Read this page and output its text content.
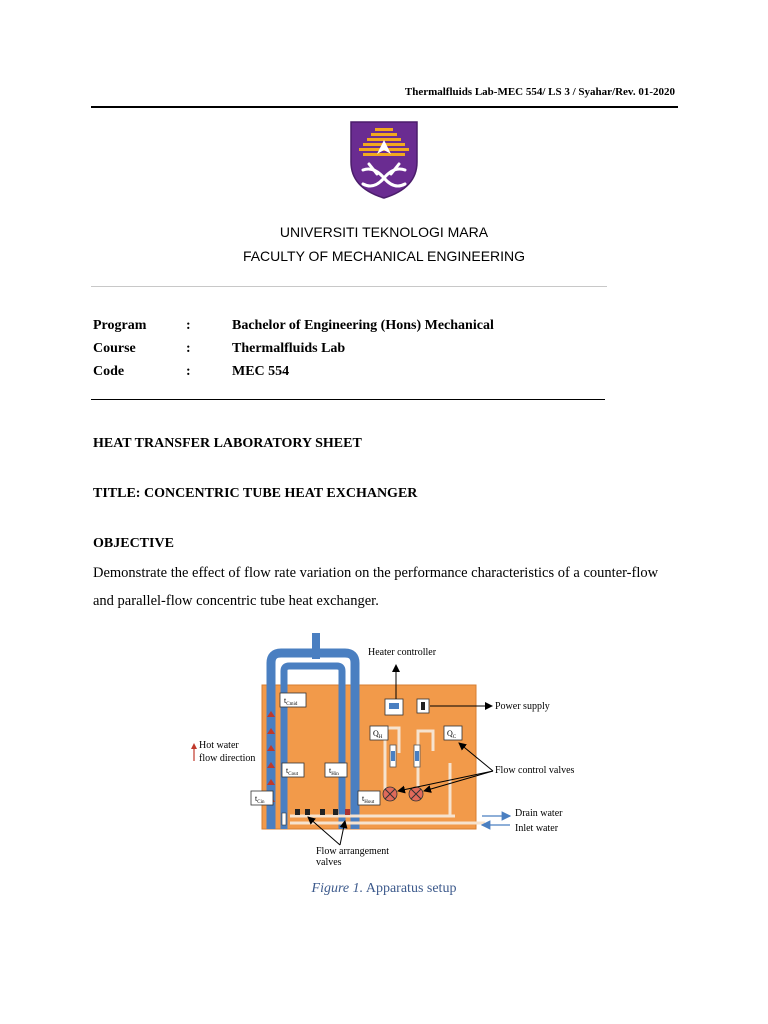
Thermalfluids Lab-MEC 554/ LS 3 / Syahar/Rev. 01-2020
UNIVERSITI TEKNOLOGI MARA
FACULTY OF MECHANICAL ENGINEERING
Program	:	Bachelor of Engineering (Hons) Mechanical
Course	:	Thermalfluids Lab
Code	:	MEC 554
HEAT TRANSFER LABORATORY SHEET
TITLE: CONCENTRIC TUBE HEAT EXCHANGER
OBJECTIVE
Demonstrate the effect of flow rate variation on the performance characteristics of a counter-flow and parallel-flow concentric tube heat exchanger.
$t_{Cmid}$
$t_{Cout}$	$t_{Hin}$
$t_{Cin}$	$t_{Hout}$
$Q_H$	$Q_C$
Heater controller
Power supply
Hot water
flow direction
Flow control valves
Drain water
Inlet water
Flow arrangement
valves
Figure 1. Apparatus setup
